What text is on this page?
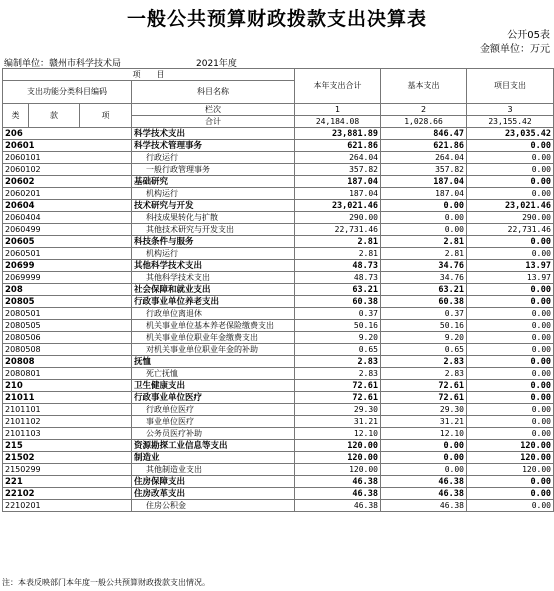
一般公共预算财政拨款支出决算表
公开05表
金额单位：万元
编制单位：赣州市科学技术局	2021年度
项　　目				本年支出合计	基本支出	项目支出
支出功能分类科目编码			科目名称			

类	款	项	栏次	1	2	3
			合计	24,184.08	1,028.66	23,155.42
206			科学技术支出	23,881.89	846.47	23,035.42
20601			科学技术管理事务	621.86	621.86	0.00
2060101			行政运行	264.04	264.04	0.00
2060102			一般行政管理事务	357.82	357.82	0.00
20602			基础研究	187.04	187.04	0.00
2060201			机构运行	187.04	187.04	0.00
20604			技术研究与开发	23,021.46	0.00	23,021.46
2060404			科技成果转化与扩散	290.00	0.00	290.00
2060499			其他技术研究与开发支出	22,731.46	0.00	22,731.46
20605			科技条件与服务	2.81	2.81	0.00
2060501			机构运行	2.81	2.81	0.00
20699			其他科学技术支出	48.73	34.76	13.97
2069999			其他科学技术支出	48.73	34.76	13.97
208			社会保障和就业支出	63.21	63.21	0.00
20805			行政事业单位养老支出	60.38	60.38	0.00
2080501			行政单位离退休	0.37	0.37	0.00
2080505			机关事业单位基本养老保险缴费支出	50.16	50.16	0.00
2080506			机关事业单位职业年金缴费支出	9.20	9.20	0.00
2080508			对机关事业单位职业年金的补助	0.65	0.65	0.00
20808			抚恤	2.83	2.83	0.00
2080801			死亡抚恤	2.83	2.83	0.00
210			卫生健康支出	72.61	72.61	0.00
21011			行政事业单位医疗	72.61	72.61	0.00
2101101			行政单位医疗	29.30	29.30	0.00
2101102			事业单位医疗	31.21	31.21	0.00
2101103			公务员医疗补助	12.10	12.10	0.00
215			资源勘探工业信息等支出	120.00	0.00	120.00
21502			制造业	120.00	0.00	120.00
2150299			其他制造业支出	120.00	0.00	120.00
221			住房保障支出	46.38	46.38	0.00
22102			住房改革支出	46.38	46.38	0.00
2210201			住房公积金	46.38	46.38	0.00
注：本表反映部门本年度一般公共预算财政拨款支出情况。
